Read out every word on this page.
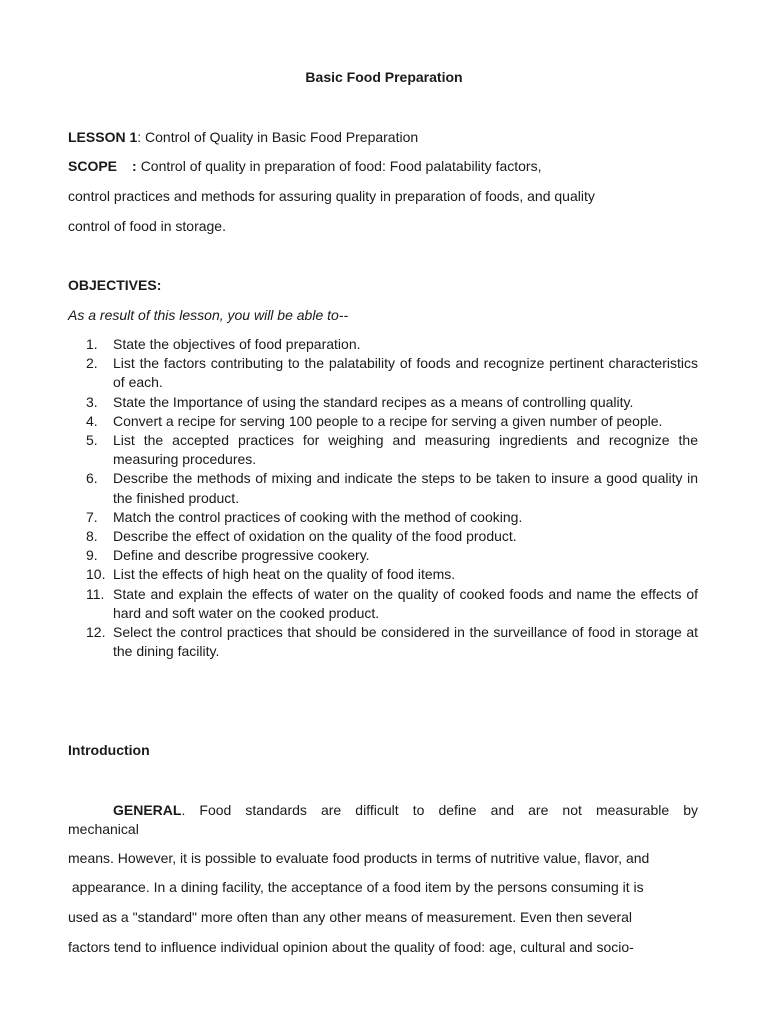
Basic Food Preparation
LESSON 1: Control of Quality in Basic Food Preparation
SCOPE : Control of quality in preparation of food: Food palatability factors,
control practices and methods for assuring quality in preparation of foods, and quality
control of food in storage.
OBJECTIVES:
As a result of this lesson, you will be able to--
1.	State the objectives of food preparation.
2.	List the factors contributing to the palatability of foods and recognize pertinent characteristics of each.
3.	State the Importance of using the standard recipes as a means of controlling quality.
4.	Convert a recipe for serving 100 people to a recipe for serving a given number of people.
5.	List the accepted practices for weighing and measuring ingredients and recognize the measuring procedures.
6.	Describe the methods of mixing and indicate the steps to be taken to insure a good quality in the finished product.
7.	Match the control practices of cooking with the method of cooking.
8.	Describe the effect of oxidation on the quality of the food product.
9.	Define and describe progressive cookery.
10. List the effects of high heat on the quality of food items.
11. State and explain the effects of water on the quality of cooked foods and name the effects of hard and soft water on the cooked product.
12. Select the control practices that should be considered in the surveillance of food in storage at the dining facility.
Introduction
GENERAL. Food standards are difficult to define and are not measurable by
mechanical
means. However, it is possible to evaluate food products in terms of nutritive value, flavor, and
appearance. In a dining facility, the acceptance of a food item by the persons consuming it is
used as a "standard" more often than any other means of measurement. Even then several
factors tend to influence individual opinion about the quality of food: age, cultural and socio-
